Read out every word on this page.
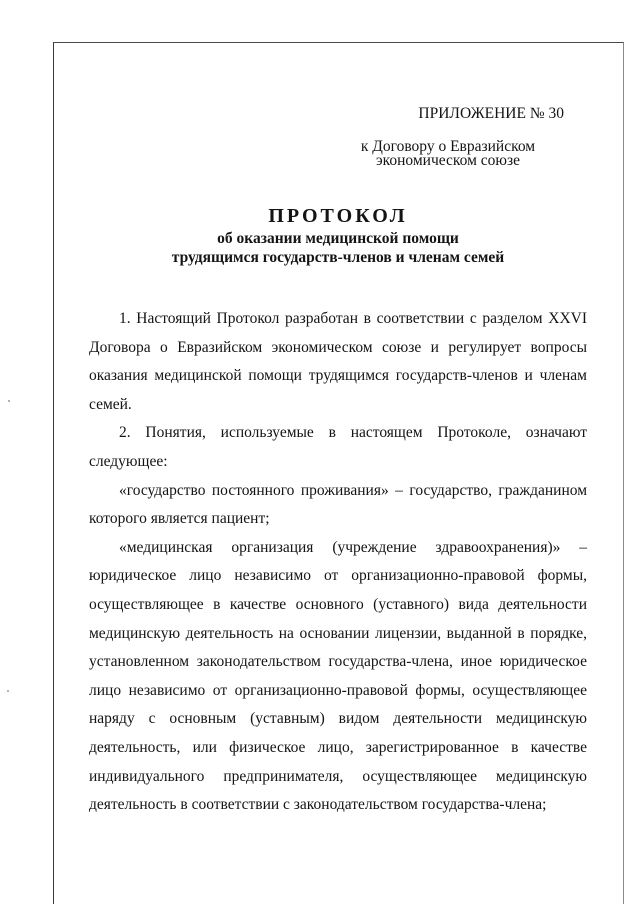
ПРИЛОЖЕНИЕ № 30
к Договору о Евразийском
экономическом союзе
ПРОТОКОЛ
об оказании медицинской помощи
трудящимся государств-членов и членам семей

1. Настоящий Протокол разработан в соответствии с разделом XXVI Договора о Евразийском экономическом союзе и регулирует вопросы оказания медицинской помощи трудящимся государств-членов и членам семей.

2. Понятия, используемые в настоящем Протоколе, означают следующее:

«государство постоянного проживания» – государство, гражданином которого является пациент;

«медицинская организация (учреждение здравоохранения)» – юридическое лицо независимо от организационно-правовой формы, осуществляющее в качестве основного (уставного) вида деятельности медицинскую деятельность на основании лицензии, выданной в порядке, установленном законодательством государства-члена, иное юридическое лицо независимо от организационно-правовой формы, осуществляющее наряду с основным (уставным) видом деятельности медицинскую деятельность, или физическое лицо, зарегистрированное в качестве индивидуального предпринимателя, осуществляющее медицинскую деятельность в соответствии с законодательством государства-члена;
